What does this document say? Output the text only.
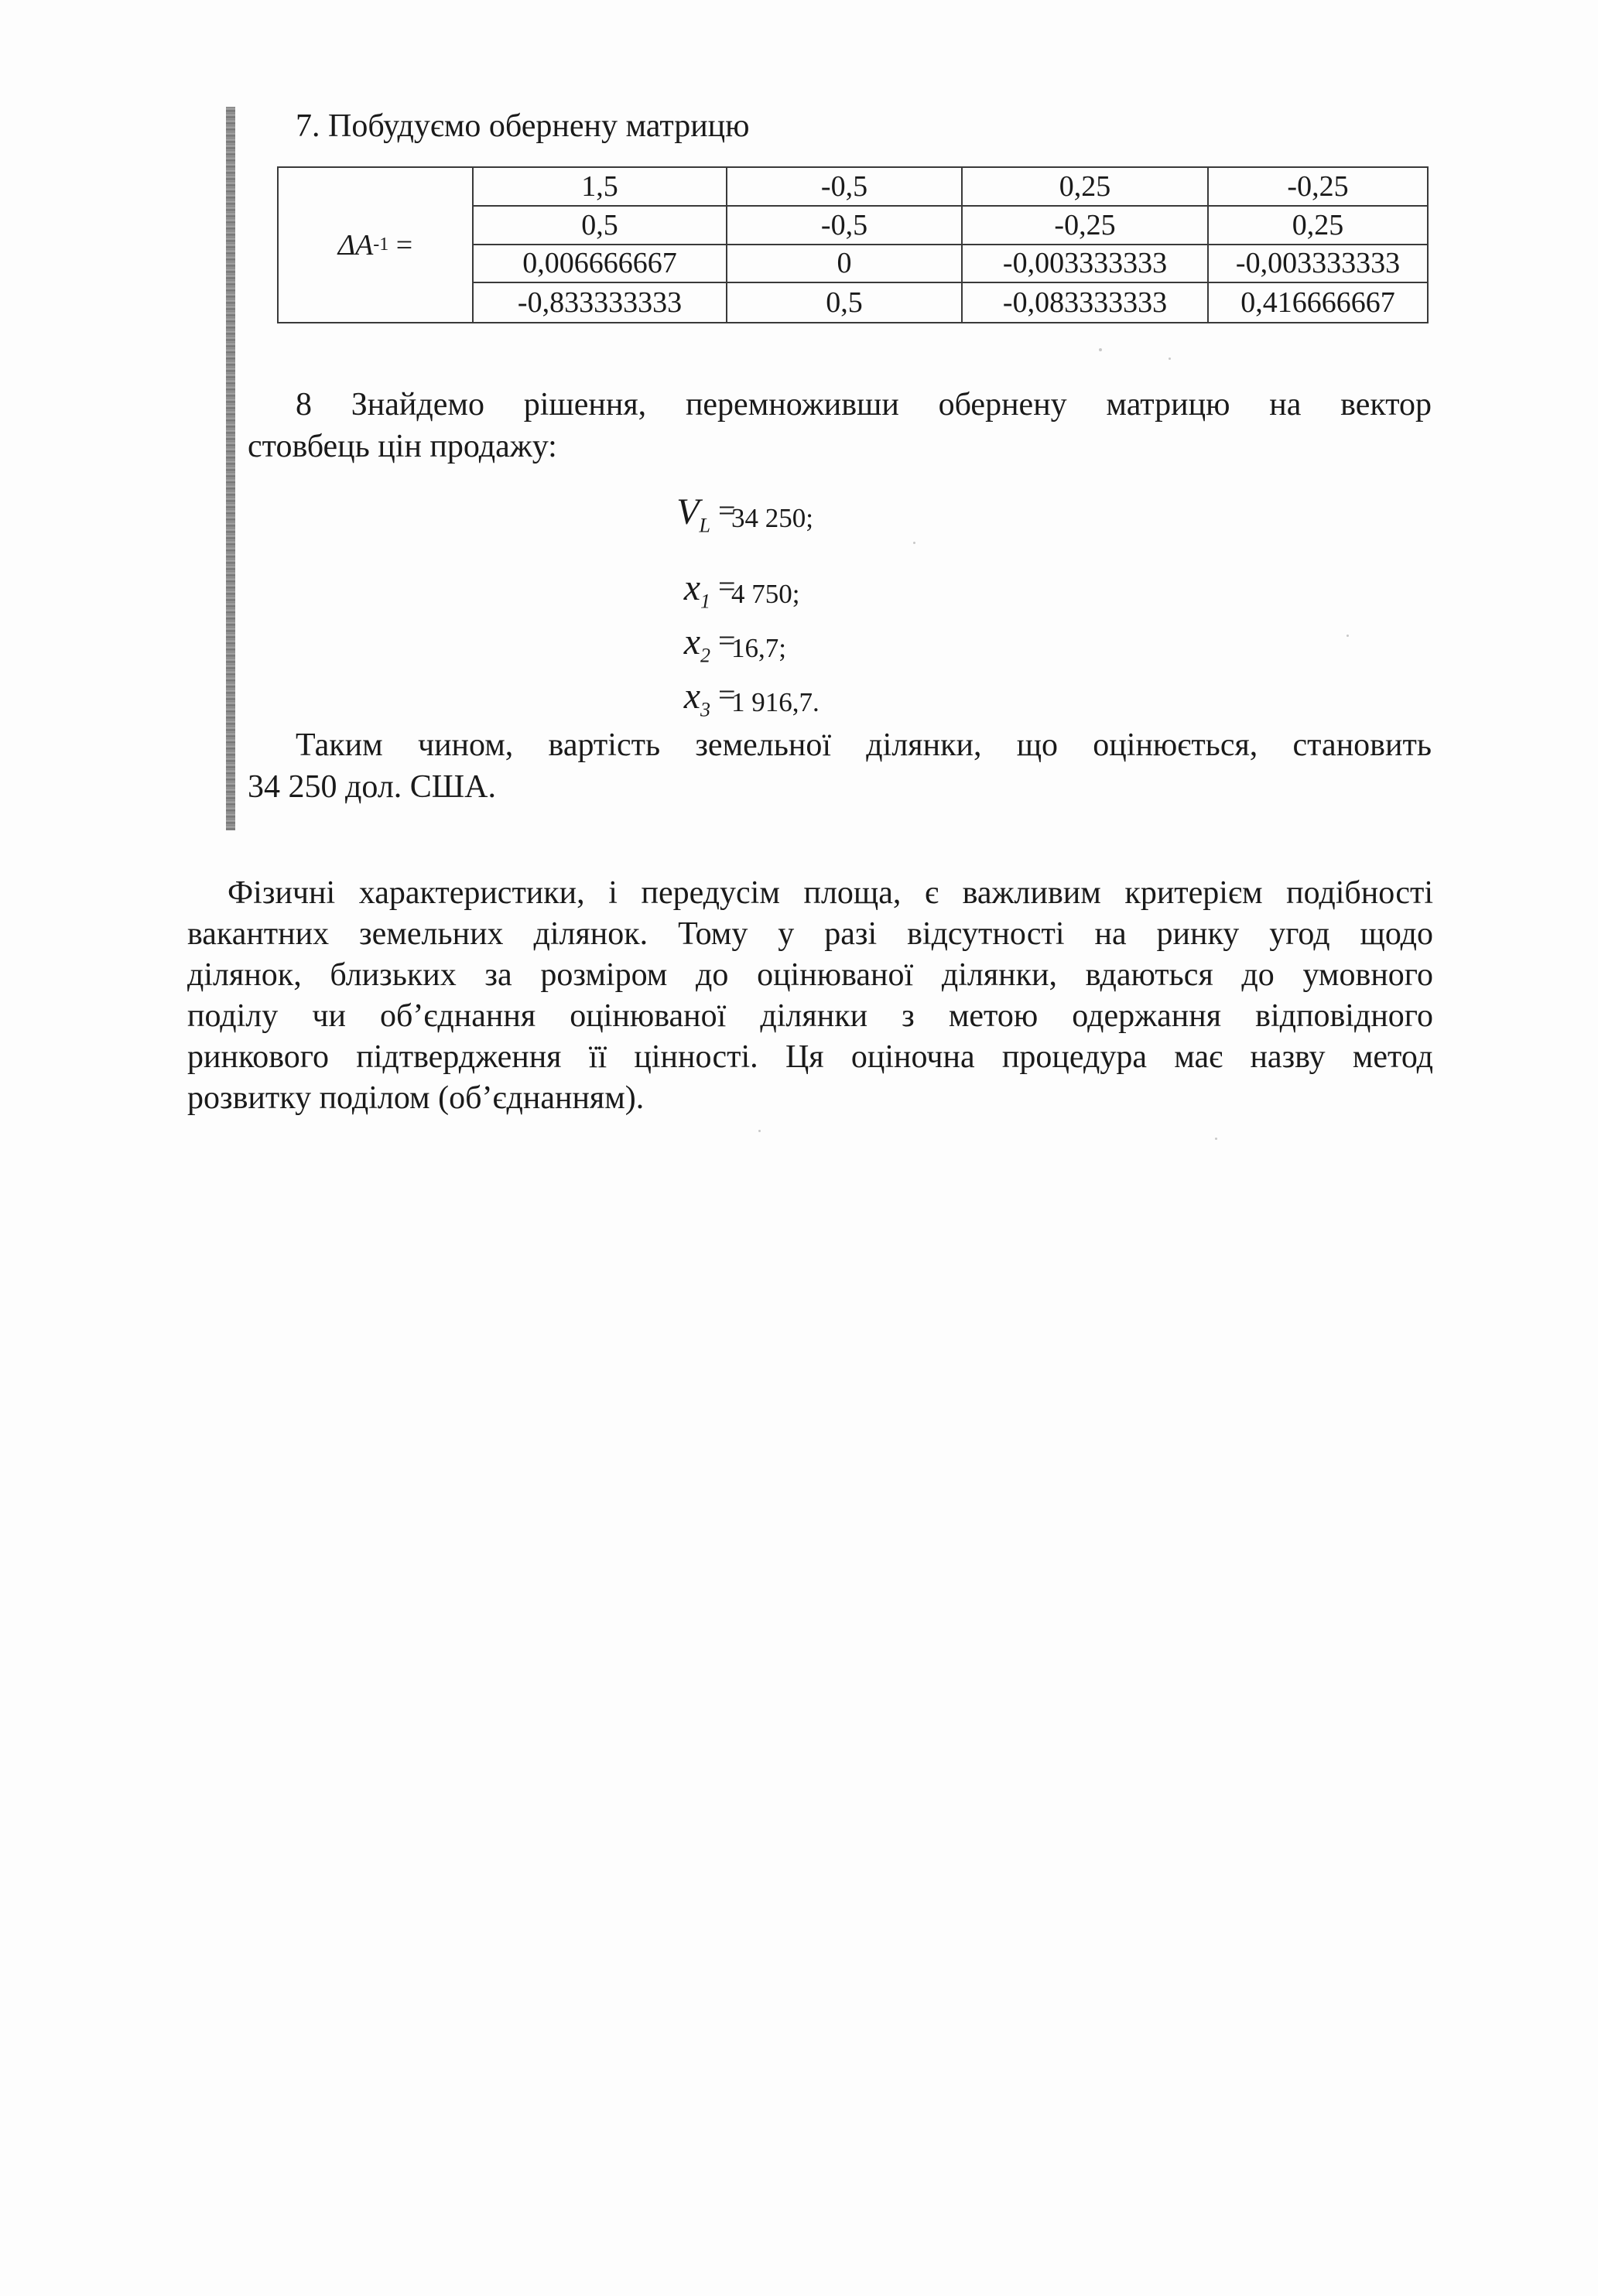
7. Побудуємо обернену матрицю
ΔA -1 =
1,5	-0,5	0,25	-0,25
0,5	-0,5	-0,25	0,25
0,006666667	0	-0,003333333	-0,003333333
-0,833333333	0,5	-0,083333333	0,416666667
8 Знайдемо рішення, перемноживши обернену матрицю на вектор
стовбець цін продажу:
$V_L$ =
34 250;
$x_1$ =
4 750;
$x_2$ =
16,7;
$x_3$ =
1 916,7.
Таким чином, вартість земельної ділянки, що оцінюється, становить
34 250 дол. США.
Фізичні характеристики, і передусім площа, є важливим критерієм подібності
вакантних земельних ділянок. Тому у разі відсутності на ринку угод щодо
ділянок, близьких за розміром до оцінюваної ділянки, вдаються до умовного
поділу чи об’єднання оцінюваної ділянки з метою одержання відповідного
ринкового підтвердження її цінності. Ця оціночна процедура має назву метод
розвитку поділом (об’єднанням).
